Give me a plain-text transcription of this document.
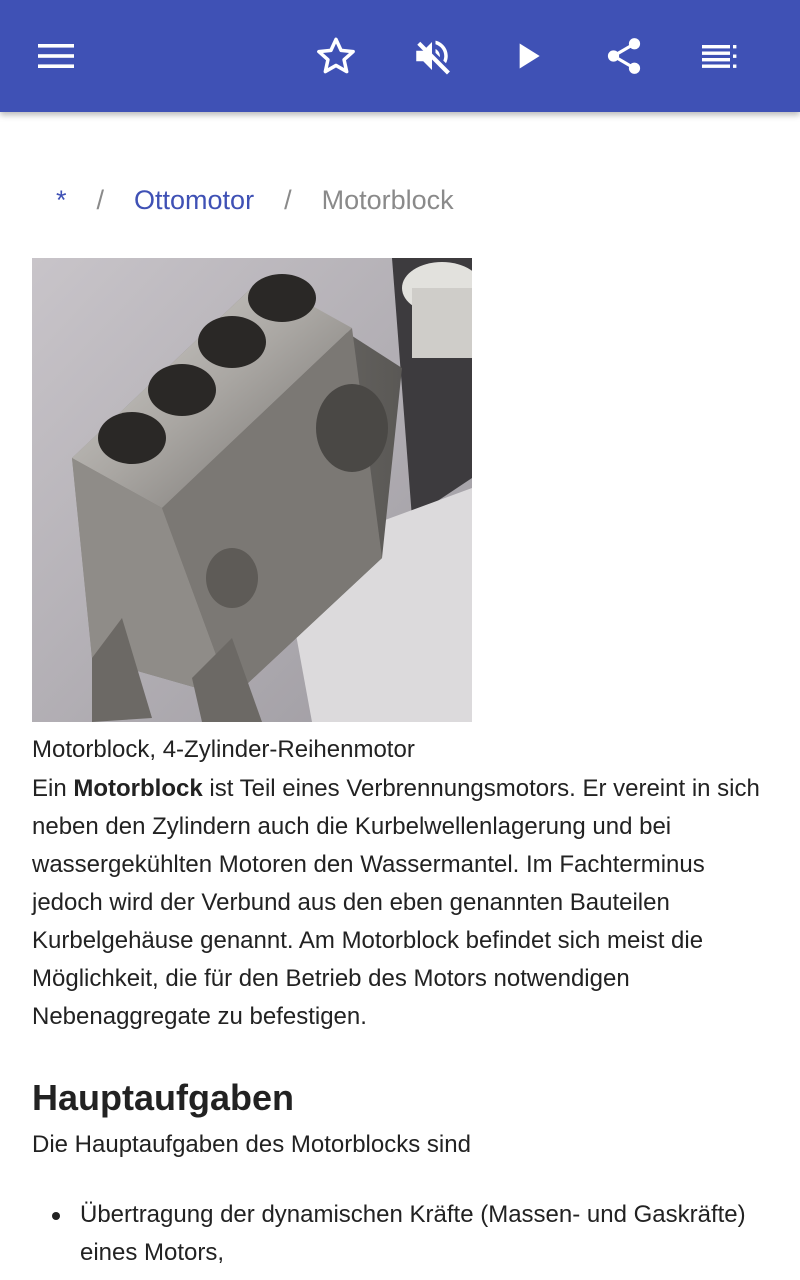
* / Ottomotor / Motorblock
Motorblock, 4-Zylinder-Reihenmotor
Ein Motorblock ist Teil eines Verbrennungsmotors. Er vereint in sich neben den Zylindern auch die Kurbelwellenlagerung und bei wassergekühlten Motoren den Wassermantel. Im Fachterminus jedoch wird der Verbund aus den eben genannten Bauteilen Kurbelgehäuse genannt. Am Motorblock befindet sich meist die Möglichkeit, die für den Betrieb des Motors notwendigen Nebenaggregate zu befestigen.
Hauptaufgaben
Die Hauptaufgaben des Motorblocks sind
Übertragung der dynamischen Kräfte (Massen- und Gaskräfte) eines Motors,
